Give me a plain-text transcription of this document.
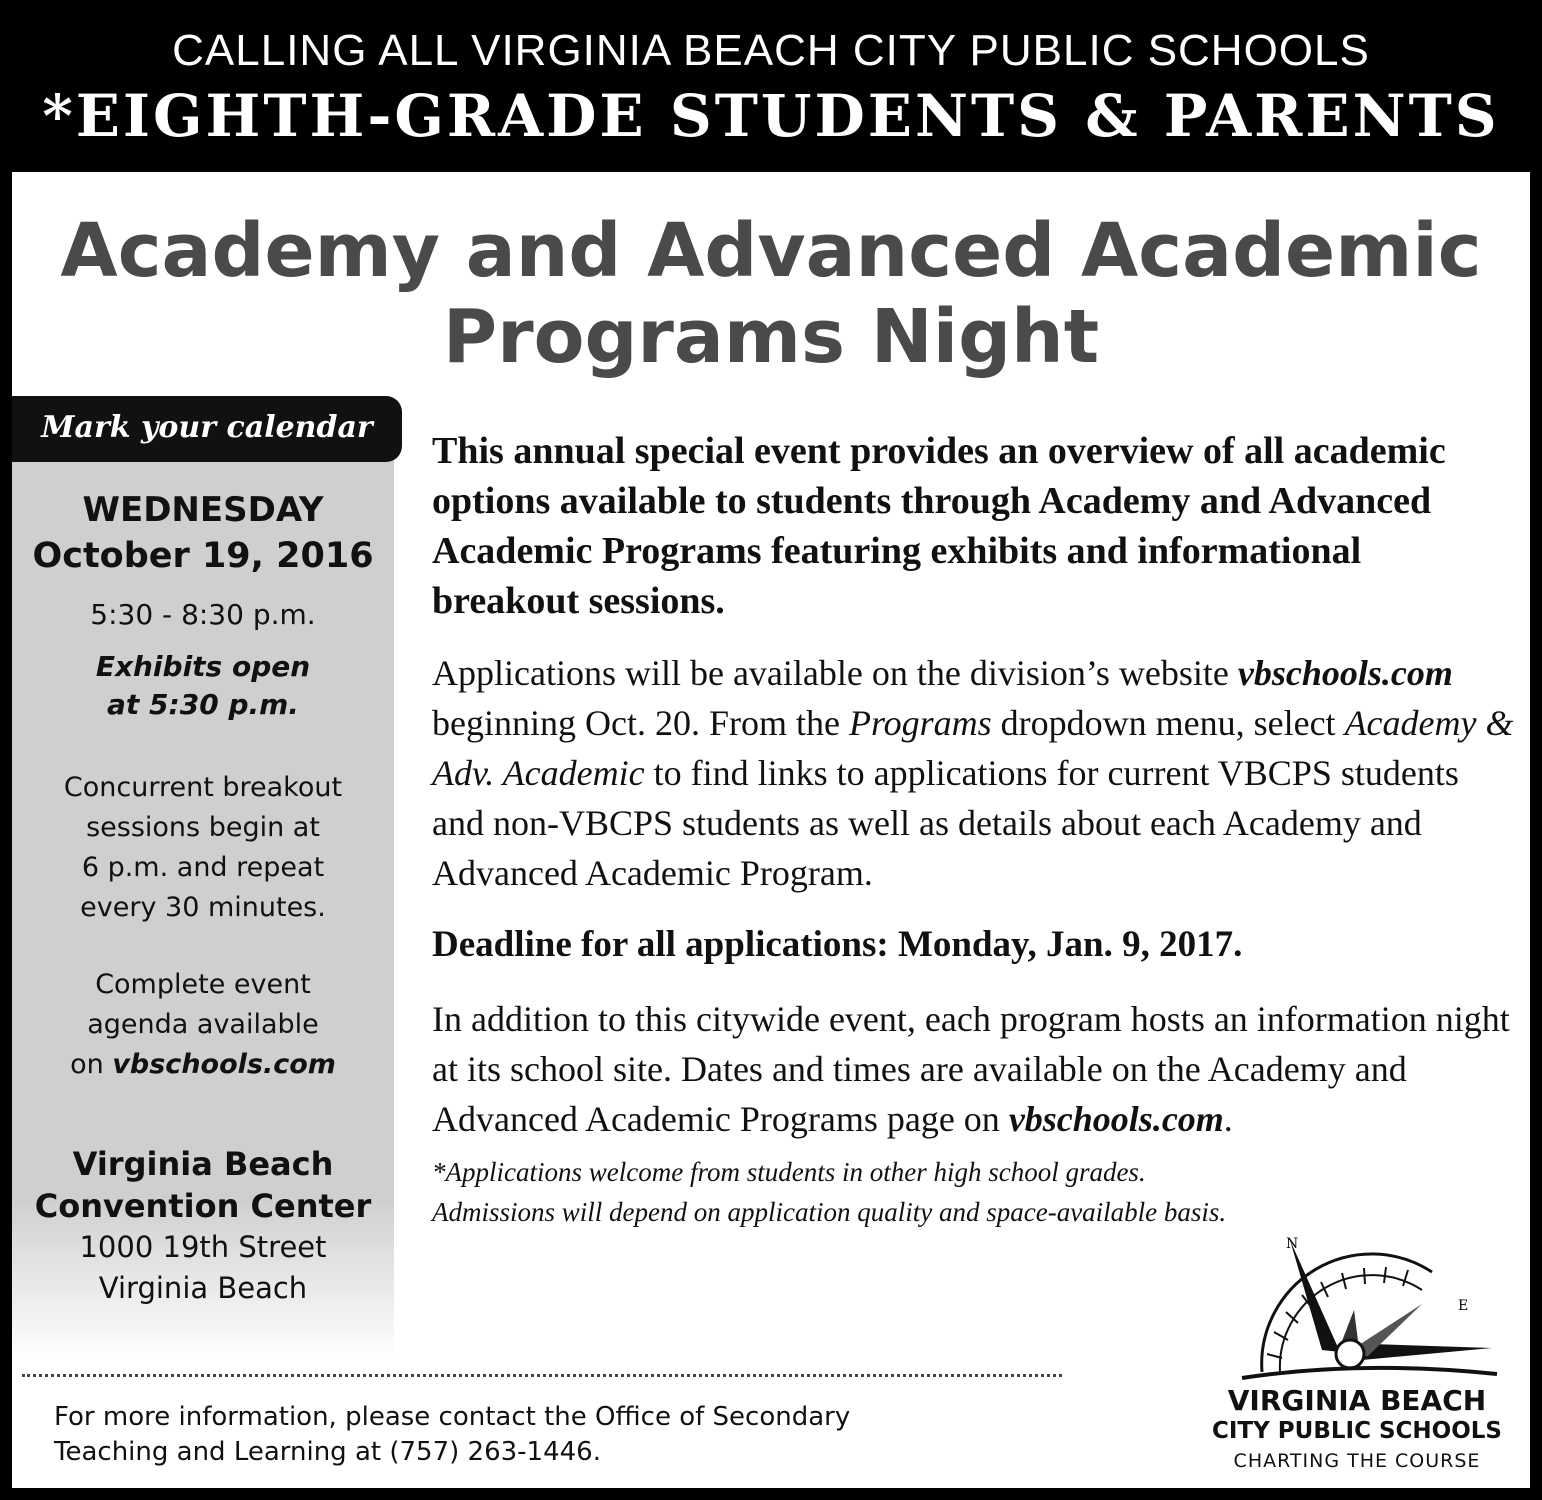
CALLING ALL VIRGINIA BEACH CITY PUBLIC SCHOOLS
*EIGHTH-GRADE STUDENTS & PARENTS
Academy and Advanced Academic
Programs Night
WEDNESDAY
October 19, 2016
5:30 - 8:30 p.m.
Exhibits open
at 5:30 p.m.
Concurrent breakout
sessions begin at
6 p.m. and repeat
every 30 minutes.
Complete event
agenda available
on vbschools.com
Virginia Beach
Convention Center
1000 19th Street
Virginia Beach
Mark your calendar

This annual special event provides an overview of all academic options available to students through Academy and Advanced Academic Programs featuring exhibits and informational breakout sessions.

Applications will be available on the division’s website vbschools.com beginning Oct. 20. From the Programs dropdown menu, select Academy & Adv. Academic to find links to applications for current VBCPS students and non-VBCPS students as well as details about each Academy and Advanced Academic Program.

Deadline for all applications: Monday, Jan. 9, 2017.

In addition to this citywide event, each program hosts an information night at its school site. Dates and times are available on the Academy and Advanced Academic Programs page on vbschools.com.

*Applications welcome from students in other high school grades.
Admissions will depend on application quality and space-available basis.

For more information, please contact the Office of Secondary
Teaching and Learning at (757) 263-1446.
N
E
VIRGINIA BEACH
CITY PUBLIC SCHOOLS
CHARTING THE COURSE
